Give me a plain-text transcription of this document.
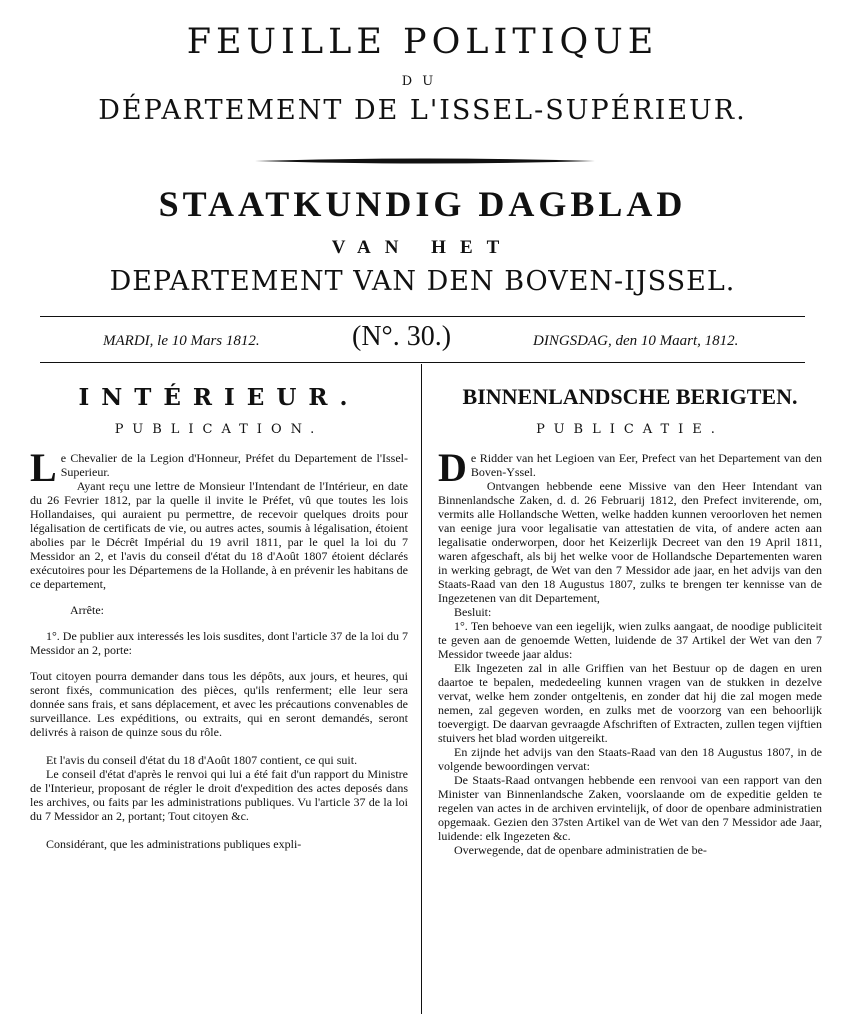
FEUILLE POLITIQUE
DU
DÉPARTEMENT DE L'ISSEL-SUPÉRIEUR.
STAATKUNDIG DAGBLAD
VAN HET
DEPARTEMENT VAN DEN BOVEN-IJSSEL.
MARDI, le 10 Mars 1812.	(N°. 30.)	DINGSDAG, den 10 Maart, 1812.
INTÉRIEUR.
PUBLICATION.

Le Chevalier de la Legion d'Honneur, Préfet du Departement de l'Issel-Superieur.

Ayant reçu une lettre de Monsieur l'Intendant de l'Intérieur, en date du 26 Fevrier 1812, par la quelle il invite le Préfet, vû que toutes les lois Hollandaises, qui auraient pu permettre, de recevoir quelques droits pour légalisation de certificats de vie, ou autres actes, soumis à légalisation, étoient abolies par le Décrêt Impérial du 19 avril 1811, par le quel la loi du 7 Messidor an 2, et l'avis du conseil d'état du 18 d'Août 1807 étoient déclarés exécutoires pour les Départemens de la Hollande, à en prévenir les habitans de ce departement,

Arrête:

1°. De publier aux interessés les lois susdites, dont l'article 37 de la loi du 7 Messidor an 2, porte:

Tout citoyen pourra demander dans tous les dépôts, aux jours, et heures, qui seront fixés, communication des pièces, qu'ils renferment; elle leur sera donnée sans frais, et sans déplacement, et avec les précautions convenables de surveillance. Les expéditions, ou extraits, qui en seront demandés, seront delivrés à raison de quinze sous du rôle.

Et l'avis du conseil d'état du 18 d'Août 1807 contient, ce qui suit.

Le conseil d'état d'après le renvoi qui lui a été fait d'un rapport du Ministre de l'Interieur, proposant de régler le droit d'expedition des actes deposés dans les archives, ou faits par les administrations publiques. Vu l'article 37 de la loi du 7 Messidor an 2, portant; Tout citoyen &c.

Considérant, que les administrations publiques expli-

BINNENLANDSCHE BERIGTEN.
PUBLICATIE.

De Ridder van het Legioen van Eer, Prefect van het Departement van den Boven-Yssel.

Ontvangen hebbende eene Missive van den Heer Intendant van Binnenlandsche Zaken, d. d. 26 Februarij 1812, den Prefect inviterende, om, vermits alle Hollandsche Wetten, welke hadden kunnen veroorloven het nemen van eenige jura voor legalisatie van attestatien de vita, of andere acten aan legalisatie onderworpen, door het Keizerlijk Decreet van den 19 April 1811, waren afgeschaft, als bij het welke voor de Hollandsche Departementen waren in werking gebragt, de Wet van den 7 Messidor ade jaar, en het advijs van den Staats-Raad van den 18 Augustus 1807, zulks te brengen ter kennisse van de Ingezetenen van dit Departement,

Besluit:

1°. Ten behoeve van een iegelijk, wien zulks aangaat, de noodige publiciteit te geven aan de genoemde Wetten, luidende de 37 Artikel der Wet van den 7 Messidor tweede jaar aldus:

Elk Ingezeten zal in alle Griffien van het Bestuur op de dagen en uren daartoe te bepalen, mededeeling kunnen vragen van de stukken in dezelve vervat, welke hem zonder ontgeltenis, en zonder dat hij die zal mogen mede nemen, zal gegeven worden, en zulks met de voorzorg van een behoorlijk toevergigt. De daarvan gevraagde Afschriften of Extracten, zullen tegen vijftien stuivers het blad worden uitgereikt.

En zijnde het advijs van den Staats-Raad van den 18 Augustus 1807, in de volgende bewoordingen vervat:

De Staats-Raad ontvangen hebbende een renvooi van een rapport van den Minister van Binnenlandsche Zaken, voorslaande om de expeditie gelden te regelen van actes in de archiven ervintelijk, of door de openbare administratien opgemaak. Gezien den 37sten Artikel van de Wet van den 7 Messidor ade Jaar, luidende: elk Ingezeten &c.

Overwegende, dat de openbare administratien de be-
